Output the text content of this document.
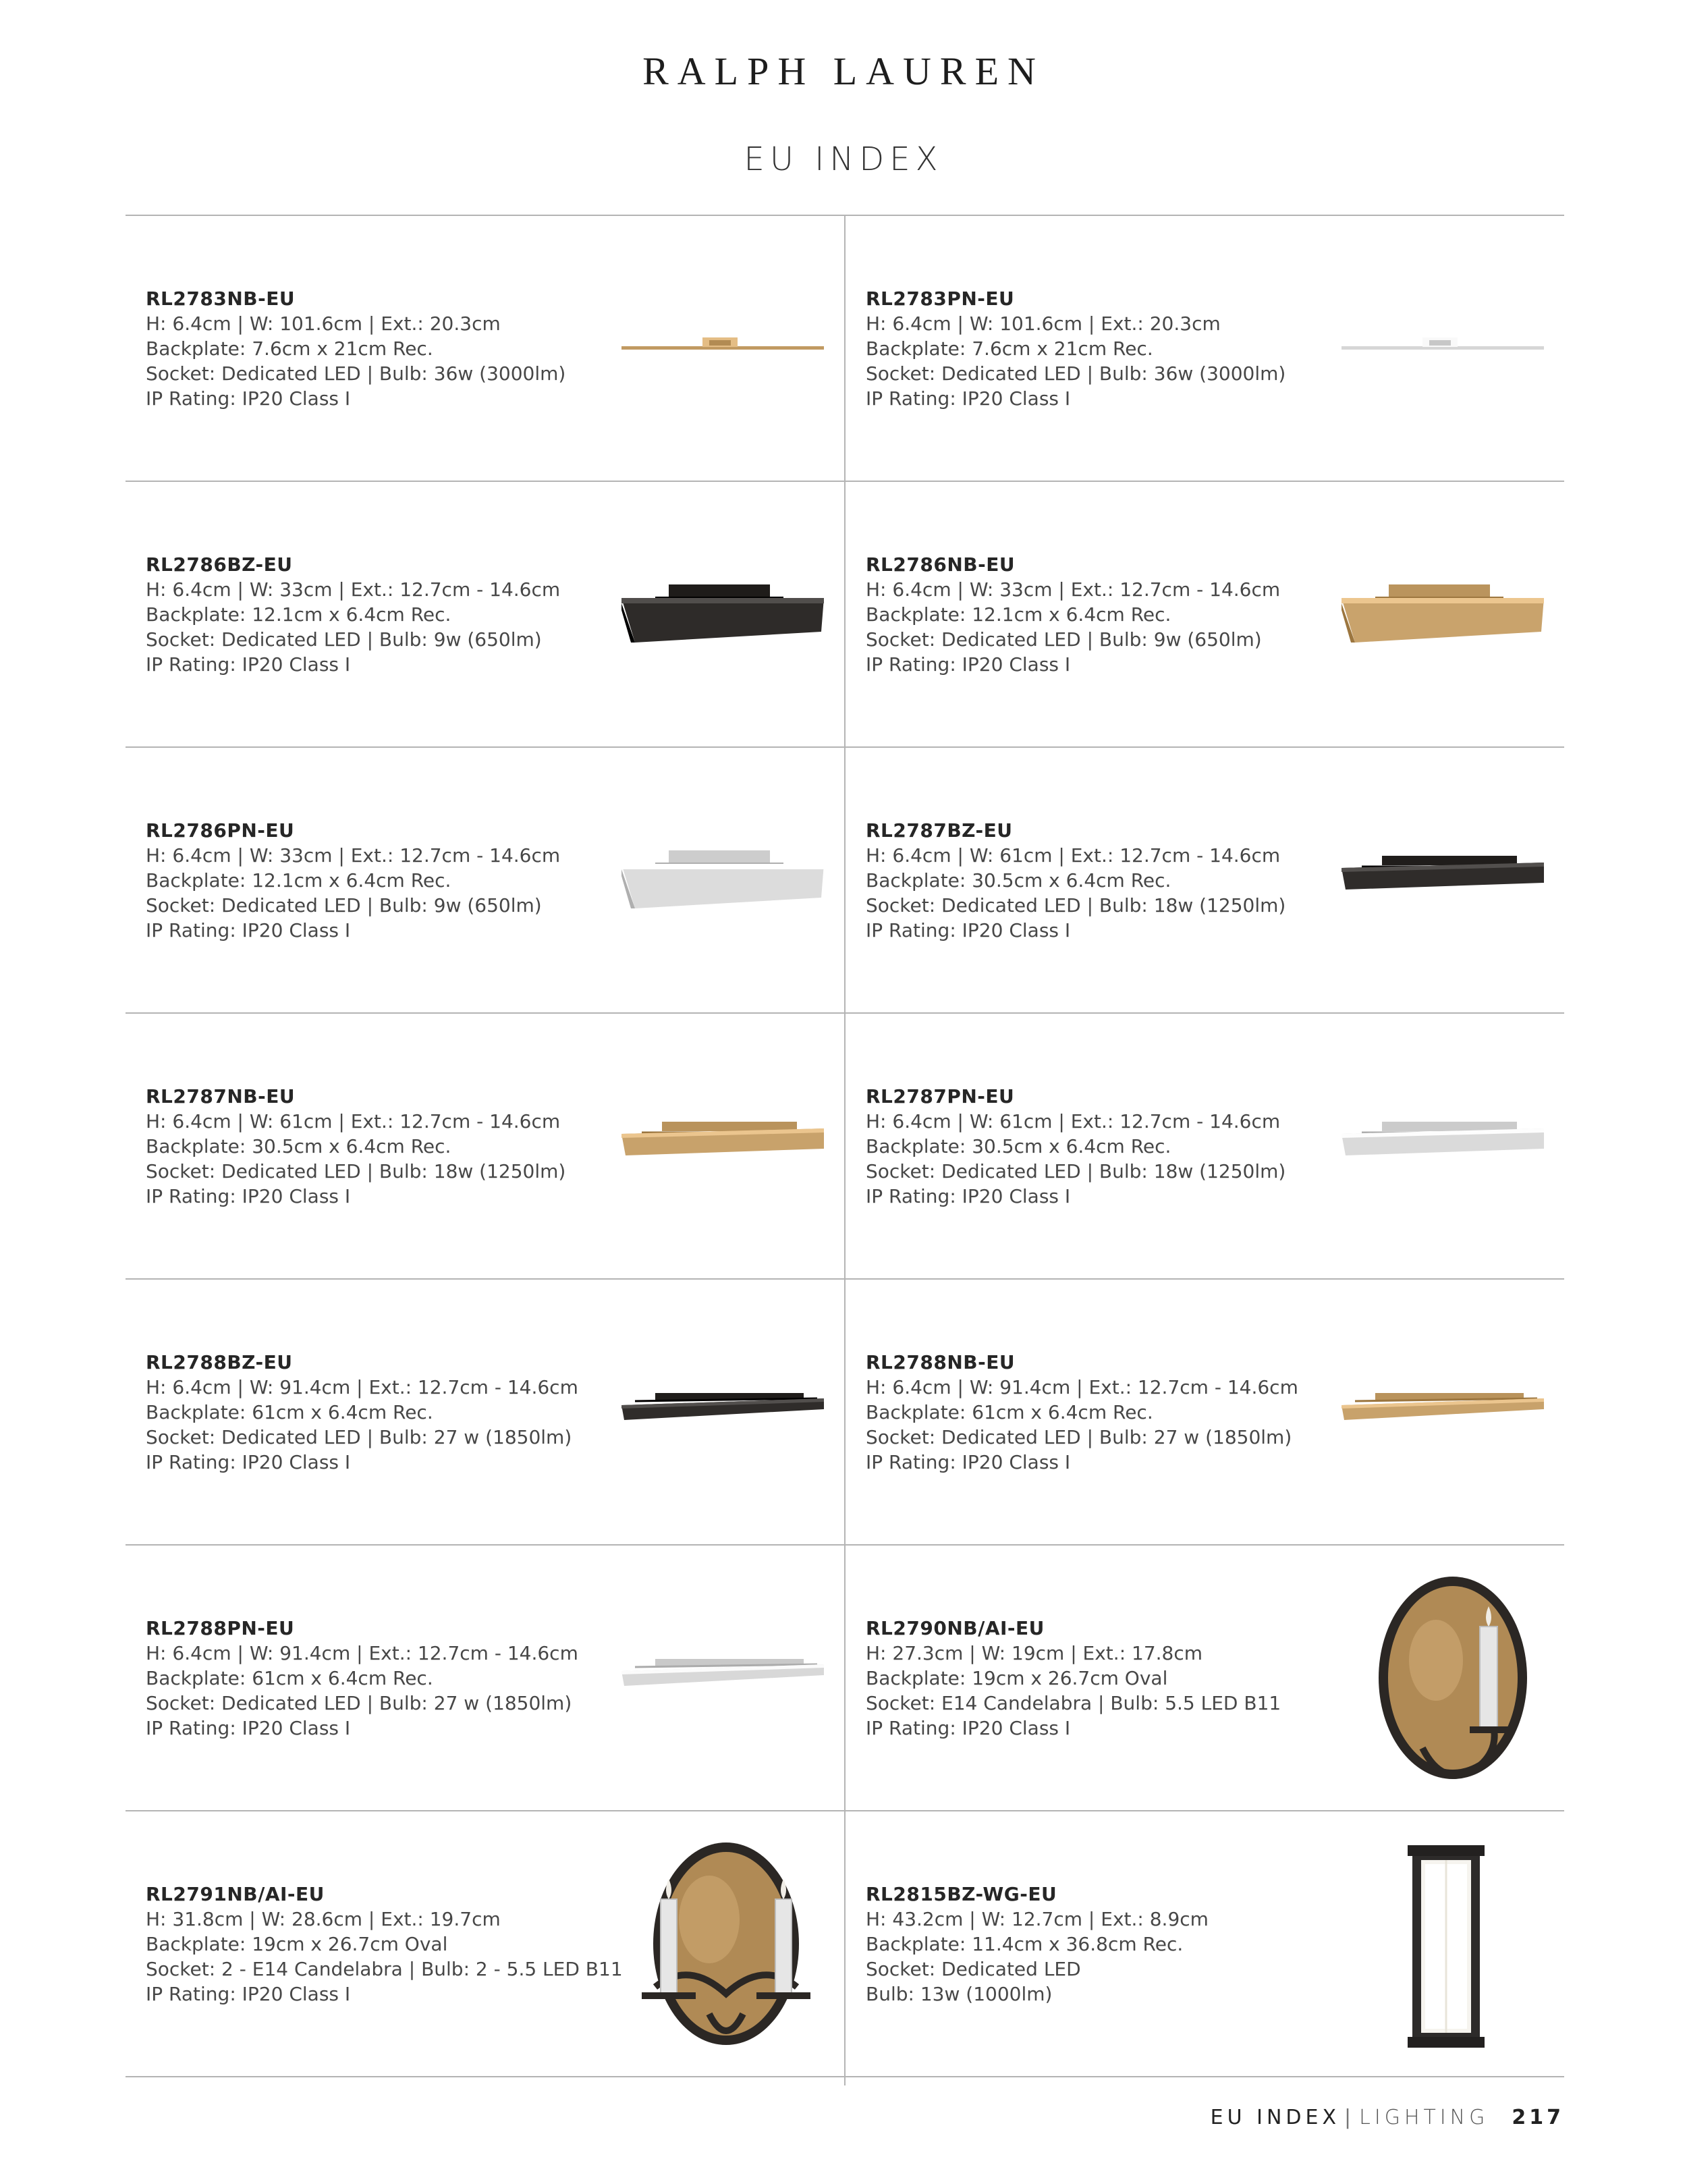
RALPH LAUREN
EU INDEX
RL2783NB-EU
H: 6.4cm | W: 101.6cm | Ext.: 20.3cm
Backplate: 7.6cm x 21cm Rec.
Socket: Dedicated LED | Bulb: 36w (3000lm)
IP Rating: IP20 Class I
RL2783PN-EU
H: 6.4cm | W: 101.6cm | Ext.: 20.3cm
Backplate: 7.6cm x 21cm Rec.
Socket: Dedicated LED | Bulb: 36w (3000lm)
IP Rating: IP20 Class I
RL2786BZ-EU
H: 6.4cm | W: 33cm | Ext.: 12.7cm - 14.6cm
Backplate: 12.1cm x 6.4cm Rec.
Socket: Dedicated LED | Bulb: 9w (650lm)
IP Rating: IP20 Class I
RL2786NB-EU
H: 6.4cm | W: 33cm | Ext.: 12.7cm - 14.6cm
Backplate: 12.1cm x 6.4cm Rec.
Socket: Dedicated LED | Bulb: 9w (650lm)
IP Rating: IP20 Class I
RL2786PN-EU
H: 6.4cm | W: 33cm | Ext.: 12.7cm - 14.6cm
Backplate: 12.1cm x 6.4cm Rec.
Socket: Dedicated LED | Bulb: 9w (650lm)
IP Rating: IP20 Class I
RL2787BZ-EU
H: 6.4cm | W: 61cm | Ext.: 12.7cm - 14.6cm
Backplate: 30.5cm x 6.4cm Rec.
Socket: Dedicated LED | Bulb: 18w (1250lm)
IP Rating: IP20 Class I
RL2787NB-EU
H: 6.4cm | W: 61cm | Ext.: 12.7cm - 14.6cm
Backplate: 30.5cm x 6.4cm Rec.
Socket: Dedicated LED | Bulb: 18w (1250lm)
IP Rating: IP20 Class I
RL2787PN-EU
H: 6.4cm | W: 61cm | Ext.: 12.7cm - 14.6cm
Backplate: 30.5cm x 6.4cm Rec.
Socket: Dedicated LED | Bulb: 18w (1250lm)
IP Rating: IP20 Class I
RL2788BZ-EU
H: 6.4cm | W: 91.4cm | Ext.: 12.7cm - 14.6cm
Backplate: 61cm x 6.4cm Rec.
Socket: Dedicated LED | Bulb: 27 w (1850lm)
IP Rating: IP20 Class I
RL2788NB-EU
H: 6.4cm | W: 91.4cm | Ext.: 12.7cm - 14.6cm
Backplate: 61cm x 6.4cm Rec.
Socket: Dedicated LED | Bulb: 27 w (1850lm)
IP Rating: IP20 Class I
RL2788PN-EU
H: 6.4cm | W: 91.4cm | Ext.: 12.7cm - 14.6cm
Backplate: 61cm x 6.4cm Rec.
Socket: Dedicated LED | Bulb: 27 w (1850lm)
IP Rating: IP20 Class I
RL2790NB/AI-EU
H: 27.3cm | W: 19cm | Ext.: 17.8cm
Backplate: 19cm x 26.7cm Oval
Socket: E14 Candelabra | Bulb: 5.5 LED B11
IP Rating: IP20 Class I
RL2791NB/AI-EU
H: 31.8cm | W: 28.6cm | Ext.: 19.7cm
Backplate: 19cm x 26.7cm Oval
Socket: 2 - E14 Candelabra | Bulb: 2 - 5.5 LED B11
IP Rating: IP20 Class I
RL2815BZ-WG-EU
H: 43.2cm | W: 12.7cm | Ext.: 8.9cm
Backplate: 11.4cm x 36.8cm Rec.
Socket: Dedicated LED
Bulb: 13w (1000lm)
EU INDEX | LIGHTING 217
